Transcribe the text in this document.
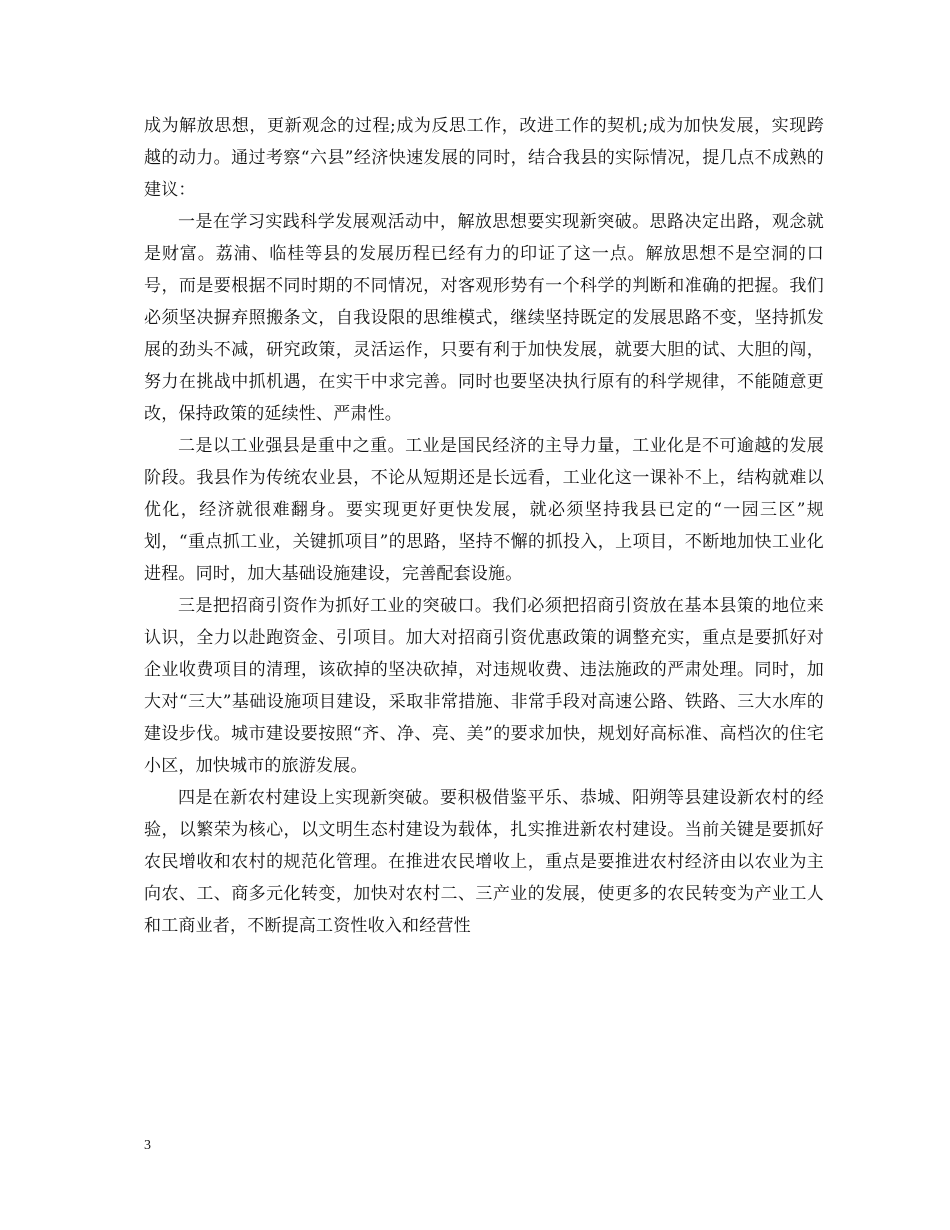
成为解放思想，更新观念的过程;成为反思工作，改进工作的契机;成为加快发展，实现跨越的动力。通过考察“六县”经济快速发展的同时，结合我县的实际情况，提几点不成熟的建议：

一是在学习实践科学发展观活动中，解放思想要实现新突破。思路决定出路，观念就是财富。荔浦、临桂等县的发展历程已经有力的印证了这一点。解放思想不是空洞的口号，而是要根据不同时期的不同情况，对客观形势有一个科学的判断和准确的把握。我们必须坚决摒弃照搬条文，自我设限的思维模式，继续坚持既定的发展思路不变，坚持抓发展的劲头不减，研究政策，灵活运作，只要有利于加快发展，就要大胆的试、大胆的闯，努力在挑战中抓机遇，在实干中求完善。同时也要坚决执行原有的科学规律，不能随意更改，保持政策的延续性、严肃性。

二是以工业强县是重中之重。工业是国民经济的主导力量，工业化是不可逾越的发展阶段。我县作为传统农业县，不论从短期还是长远看，工业化这一课补不上，结构就难以优化，经济就很难翻身。要实现更好更快发展，就必须坚持我县已定的“一园三区”规划，“重点抓工业，关键抓项目”的思路，坚持不懈的抓投入，上项目，不断地加快工业化进程。同时，加大基础设施建设，完善配套设施。

三是把招商引资作为抓好工业的突破口。我们必须把招商引资放在基本县策的地位来认识，全力以赴跑资金、引项目。加大对招商引资优惠政策的调整充实，重点是要抓好对企业收费项目的清理，该砍掉的坚决砍掉，对违规收费、违法施政的严肃处理。同时，加大对“三大”基础设施项目建设，采取非常措施、非常手段对高速公路、铁路、三大水库的建设步伐。城市建设要按照“齐、净、亮、美”的要求加快，规划好高标准、高档次的住宅小区，加快城市的旅游发展。

四是在新农村建设上实现新突破。要积极借鉴平乐、恭城、阳朔等县建设新农村的经验，以繁荣为核心，以文明生态村建设为载体，扎实推进新农村建设。当前关键是要抓好农民增收和农村的规范化管理。在推进农民增收上，重点是要推进农村经济由以农业为主向农、工、商多元化转变，加快对农村二、三产业的发展，使更多的农民转变为产业工人和工商业者，不断提高工资性收入和经营性

3
